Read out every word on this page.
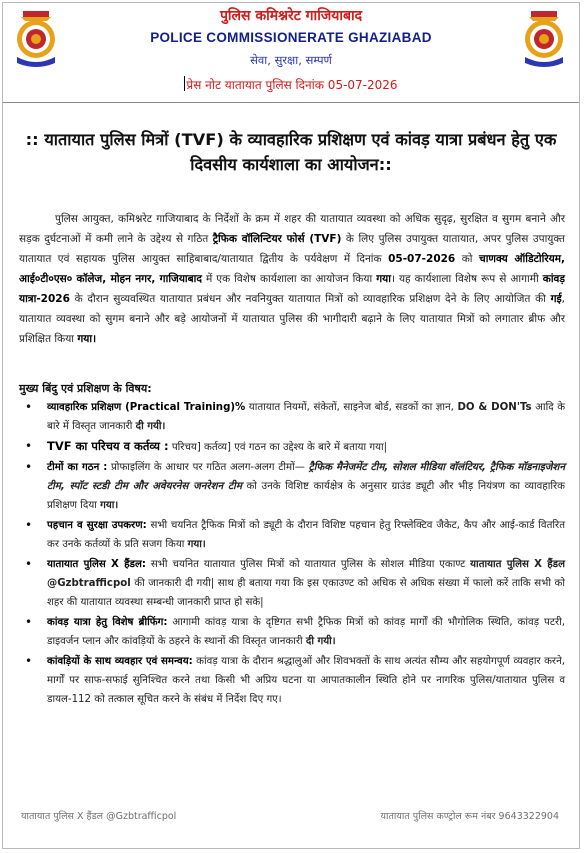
पुलिस कमिश्नरेट गाजियाबाद
POLICE COMMISSIONERATE GHAZIABAD
सेवा, सुरक्षा, सम्पर्ण
प्रेस नोट यातायात पुलिस दिनांक 05-07-2026
:: यातायात पुलिस मित्रों (TVF) के व्यावहारिक प्रशिक्षण एवं कांवड़ यात्रा प्रबंधन हेतु एक दिवसीय कार्यशाला का आयोजन::
पुलिस आयुक्त, कमिश्नरेट गाजियाबाद के निर्देशों के क्रम में शहर की यातायात व्यवस्था को अधिक सुदृढ़, सुरक्षित व सुगम बनाने और सड़क दुर्घटनाओं में कमी लाने के उद्देश्य से गठित ट्रैफिक वॉलिन्टियर फोर्स (TVF) के लिए पुलिस उपायुक्त यातायात, अपर पुलिस उपायुक्त यातायात एवं सहायक पुलिस आयुक्त साहिबाबाद/यातायात द्वितीय के पर्यवेक्षण में दिनांक 05-07-2026 को चाणक्य ऑडिटोरियम, आई०टी०एस० कॉलेज, मोहन नगर, गाजियाबाद में एक विशेष कार्यशाला का आयोजन किया गया। यह कार्यशाला विशेष रूप से आगामी कांवड़ यात्रा-2026 के दौरान सुव्यवस्थित यातायात प्रबंधन और नवनियुक्त यातायात मित्रों को व्यावहारिक प्रशिक्षण देने के लिए आयोजित की गई, यातायात व्यवस्था को सुगम बनाने और बड़े आयोजनों में यातायात पुलिस की भागीदारी बढ़ाने के लिए यातायात मित्रों को लगातार ब्रीफ और प्रशिक्षित किया गया।
मुख्य बिंदु एवं प्रशिक्षण के विषय:
• व्यावहारिक प्रशिक्षण (Practical Training)% यातायात नियमों, संकेतों, साइनेज बोर्ड, सडकों का ज्ञान, DO & DON'Ts आदि के बारे में विस्तृत जानकारी दी गयी।
• TVF का परिचय व कर्तव्य : परिचय] कर्तव्य] एवं गठन का उद्देश्य के बारे में बताया गया|
• टीमों का गठन : प्रोफाइलिंग के आधार पर गठित अलग-अलग टीमों— ट्रैफिक मैनेजमेंट टीम, सोशल मीडिया वॉलंटियर, ट्रैफिक मॉडनाइजेशन टीम, स्पॉट स्टडी टीम और अवेयरनेस जनरेशन टीम को उनके विशिष्ट कार्यक्षेत्र के अनुसार ग्राउंड ड्यूटी और भीड़ नियंत्रण का व्यावहारिक प्रशिक्षण दिया गया।
• पहचान व सुरक्षा उपकरण: सभी चयनित ट्रैफिक मित्रों को ड्यूटी के दौरान विशिष्ट पहचान हेतु रिफ्लेक्टिव जैकेट, कैप और आई-कार्ड वितरित कर उनके कर्तव्यों के प्रति सजग किया गया।
• यातायात पुलिस X हैंडल: सभी चयनित यातायात पुलिस मित्रों को यातायात पुलिस के सोशल मीडिया एकाण्ट यातायात पुलिस X हैंडल @Gzbtrafficpol की जानकारी दी गयी| साथ ही बताया गया कि इस एकाउण्ट को अधिक से अधिक संख्या में फालो करें ताकि सभी को शहर की यातायात व्यवस्था सम्बन्धी जानकारी प्राप्त हो सके|
• कांवड़ यात्रा हेतु विशेष ब्रीफिंग: आगामी कांवड़ यात्रा के दृष्टिगत सभी ट्रैफिक मित्रों को कांवड़ मार्गों की भौगोलिक स्थिति, कांवड़ पटरी, डाइवर्जन प्लान और कांवड़ियों के ठहरने के स्थानों की विस्तृत जानकारी दी गयी।
• कांवड़ियों के साथ व्यवहार एवं समन्वय: कांवड़ यात्रा के दौरान श्रद्धालुओं और शिवभक्तों के साथ अत्यंत सौम्य और सहयोगपूर्ण व्यवहार करने, मार्गों पर साफ-सफाई सुनिश्चित करने तथा किसी भी अप्रिय घटना या आपातकालीन स्थिति होने पर नागरिक पुलिस/यातायात पुलिस व डायल-112 को तत्काल सूचित करने के संबंध में निर्देश दिए गए।
यातायात पुलिस X हैंडल @Gzbtrafficpol	यातायात पुलिस कण्ट्रोल रूम नंबर 9643322904
